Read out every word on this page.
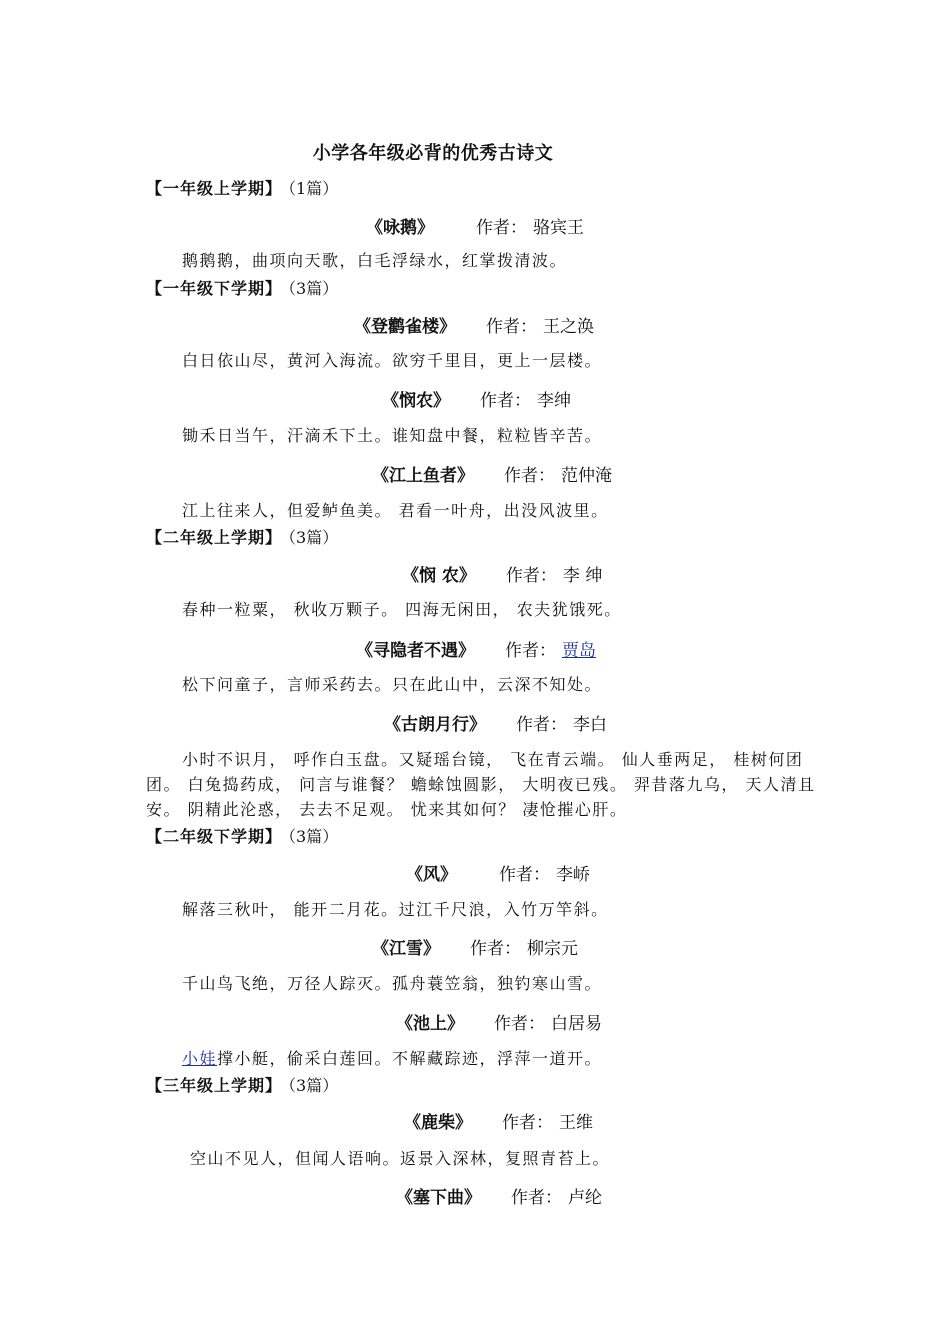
小学各年级必背的优秀古诗文
【一年级上学期】 （1篇）
《咏鹅》 作者： 骆宾王
鹅鹅鹅，曲项向天歌，白毛浮绿水，红掌拨清波。
【一年级下学期】 （3篇）
《登鹳雀楼》 作者： 王之涣
白日依山尽，黄河入海流。欲穷千里目，更上一层楼。
《悯农》 作者： 李绅
锄禾日当午，汗滴禾下土。谁知盘中餐，粒粒皆辛苦。
《江上鱼者》 作者： 范仲淹
江上往来人，但爱鲈鱼美。 君看一叶舟，出没风波里。
【二年级上学期】 （3篇）
《悯 农》 作者： 李 绅
春种一粒粟， 秋收万颗子。 四海无闲田， 农夫犹饿死。
《寻隐者不遇》 作者： 贾岛
松下问童子，言师采药去。只在此山中，云深不知处。
《古朗月行》 作者： 李白
小时不识月， 呼作白玉盘。又疑瑶台镜， 飞在青云端。 仙人垂两足， 桂树何团团。 白兔捣药成， 问言与谁餐？ 蟾蜍蚀圆影， 大明夜已残。 羿昔落九乌， 天人清且安。 阴精此沦惑， 去去不足观。 忧来其如何？ 凄怆摧心肝。
【二年级下学期】 （3篇）
《风》 作者： 李峤
解落三秋叶， 能开二月花。过江千尺浪，入竹万竿斜。
《江雪》 作者： 柳宗元
千山鸟飞绝，万径人踪灭。孤舟蓑笠翁，独钓寒山雪。
《池上》 作者： 白居易
小娃撑小艇，偷采白莲回。不解藏踪迹，浮萍一道开。
【三年级上学期】 （3篇）
《鹿柴》 作者： 王维
空山不见人，但闻人语响。返景入深林，复照青苔上。
《塞下曲》 作者： 卢纶
